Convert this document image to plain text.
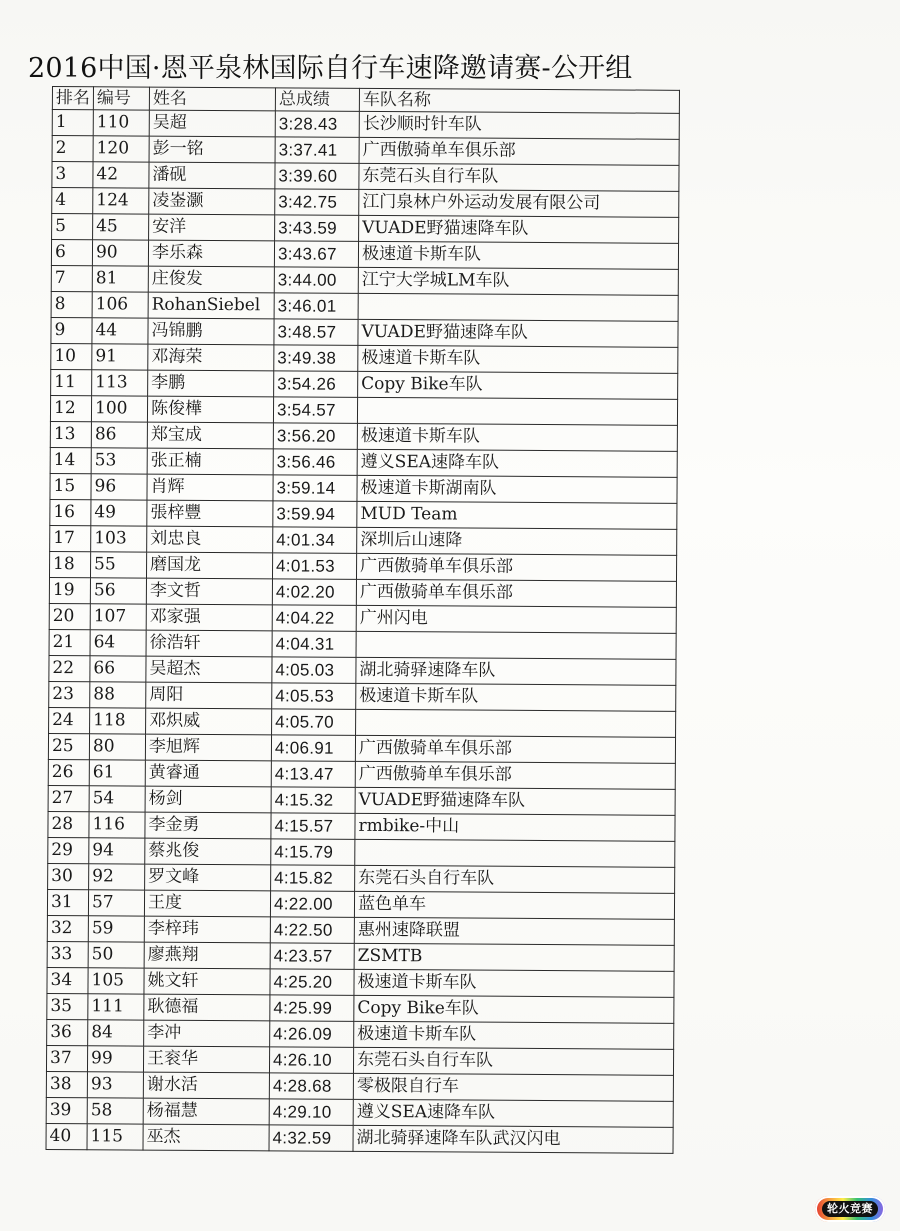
2016中国·恩平泉林国际自行车速降邀请赛-公开组
排名	编号	姓名	总成绩	车队名称
1	110	吴超	3:28.43	长沙顺时针车队
2	120	彭一铭	3:37.41	广西傲骑单车俱乐部
3	42	潘砚	3:39.60	东莞石头自行车队
4	124	凌崟灏	3:42.75	江门泉林户外运动发展有限公司
5	45	安洋	3:43.59	VUADE野猫速降车队
6	90	李乐森	3:43.67	极速道卡斯车队
7	81	庄俊发	3:44.00	江宁大学城LM车队
8	106	RohanSiebel	3:46.01	
9	44	冯锦鹏	3:48.57	VUADE野猫速降车队
10	91	邓海荣	3:49.38	极速道卡斯车队
11	113	李鹏	3:54.26	Copy Bike车队
12	100	陈俊樺	3:54.57	
13	86	郑宝成	3:56.20	极速道卡斯车队
14	53	张正楠	3:56.46	遵义SEA速降车队
15	96	肖辉	3:59.14	极速道卡斯湖南队
16	49	張梓豐	3:59.94	MUD Team
17	103	刘忠良	4:01.34	深圳后山速降
18	55	磨国龙	4:01.53	广西傲骑单车俱乐部
19	56	李文哲	4:02.20	广西傲骑单车俱乐部
20	107	邓家强	4:04.22	广州闪电
21	64	徐浩轩	4:04.31	
22	66	吴超杰	4:05.03	湖北骑驿速降车队
23	88	周阳	4:05.53	极速道卡斯车队
24	118	邓炽威	4:05.70	
25	80	李旭辉	4:06.91	广西傲骑单车俱乐部
26	61	黄睿通	4:13.47	广西傲骑单车俱乐部
27	54	杨剑	4:15.32	VUADE野猫速降车队
28	116	李金勇	4:15.57	rmbike-中山
29	94	蔡兆俊	4:15.79	
30	92	罗文峰	4:15.82	东莞石头自行车队
31	57	王度	4:22.00	蓝色单车
32	59	李梓玮	4:22.50	惠州速降联盟
33	50	廖燕翔	4:23.57	ZSMTB
34	105	姚文轩	4:25.20	极速道卡斯车队
35	111	耿德福	4:25.99	Copy Bike车队
36	84	李冲	4:26.09	极速道卡斯车队
37	99	王衮华	4:26.10	东莞石头自行车队
38	93	谢水活	4:28.68	零极限自行车
39	58	杨福慧	4:29.10	遵义SEA速降车队
40	115	巫杰	4:32.59	湖北骑驿速降车队武汉闪电
轮火竞赛
